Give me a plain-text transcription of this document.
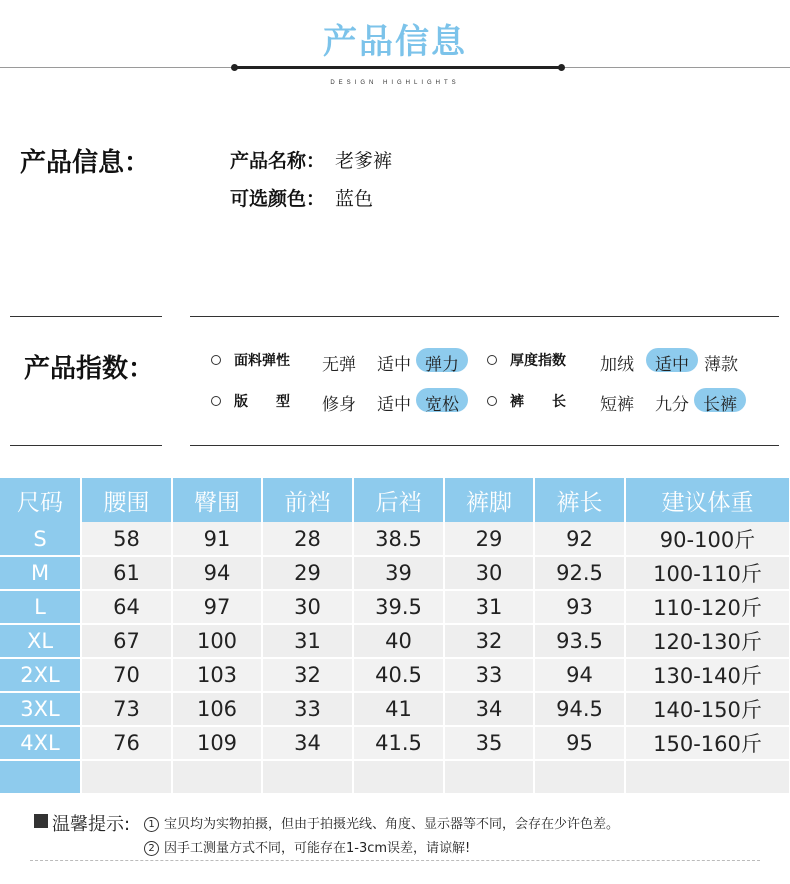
产品信息
DESIGN HIGHLIGHTS
产品信息：	产品名称： 老爹裤
可选颜色： 蓝色
产品指数：	面料弹性 无弹 适中 弹力	厚度指数 加绒 适中 薄款
版　　型 修身 适中 宽松	裤　　长 短裤 九分 长裤
尺码	腰围	臀围	前裆	后裆	裤脚	裤长	建议体重
S	58	91	28	38.5	29	92	90-100斤
M	61	94	29	39	30	92.5	100-110斤
L	64	97	30	39.5	31	93	110-120斤
XL	67	100	31	40	32	93.5	120-130斤
2XL	70	103	32	40.5	33	94	130-140斤
3XL	73	106	33	41	34	94.5	140-150斤
4XL	76	109	34	41.5	35	95	150-160斤

温馨提示:	1 宝贝均为实物拍摄，但由于拍摄光线、角度、显示器等不同，会存在少许色差。
2 因手工测量方式不同，可能存在1-3cm误差，请谅解!
